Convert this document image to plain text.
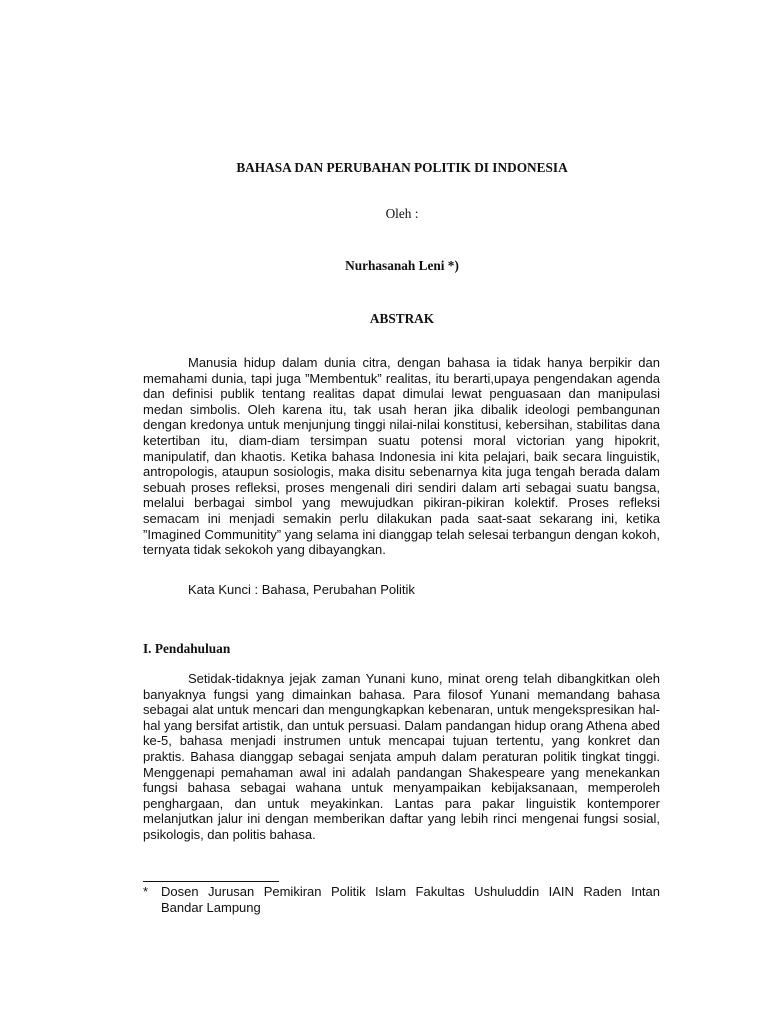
BAHASA DAN PERUBAHAN POLITIK DI INDONESIA
Oleh :
Nurhasanah Leni *)
ABSTRAK

Manusia hidup dalam dunia citra, dengan bahasa ia tidak hanya berpikir dan memahami dunia, tapi juga ”Membentuk” realitas, itu berarti,upaya pengendakan agenda dan definisi publik tentang realitas dapat dimulai lewat penguasaan dan manipulasi medan simbolis. Oleh karena itu, tak usah heran jika dibalik ideologi pembangunan dengan kredonya untuk menjunjung tinggi nilai-nilai konstitusi, kebersihan, stabilitas dana ketertiban itu, diam-diam tersimpan suatu potensi moral victorian yang hipokrit, manipulatif, dan khaotis. Ketika bahasa Indonesia ini kita pelajari, baik secara linguistik, antropologis, ataupun sosiologis, maka disitu sebenarnya kita juga tengah berada dalam sebuah proses refleksi, proses mengenali diri sendiri dalam arti sebagai suatu bangsa, melalui berbagai simbol yang mewujudkan pikiran-pikiran kolektif. Proses refleksi semacam ini menjadi semakin perlu dilakukan pada saat-saat sekarang ini, ketika ”Imagined Communitity” yang selama ini dianggap telah selesai terbangun dengan kokoh, ternyata tidak sekokoh yang dibayangkan.

Kata Kunci : Bahasa, Perubahan Politik

I. Pendahuluan

Setidak-tidaknya jejak zaman Yunani kuno, minat oreng telah dibangkitkan oleh banyaknya fungsi yang dimainkan bahasa. Para filosof Yunani memandang bahasa sebagai alat untuk mencari dan mengungkapkan kebenaran, untuk mengekspresikan hal-hal yang bersifat artistik, dan untuk persuasi. Dalam pandangan hidup orang Athena abed ke-5, bahasa menjadi instrumen untuk mencapai tujuan tertentu, yang konkret dan praktis. Bahasa dianggap sebagai senjata ampuh dalam peraturan politik tingkat tinggi. Menggenapi pemahaman awal ini adalah pandangan Shakespeare yang menekankan fungsi bahasa sebagai wahana untuk menyampaikan kebijaksanaan, memperoleh penghargaan, dan untuk meyakinkan. Lantas para pakar linguistik kontemporer melanjutkan jalur ini dengan memberikan daftar yang lebih rinci mengenai fungsi sosial, psikologis, dan politis bahasa.

* Dosen Jurusan Pemikiran Politik Islam Fakultas Ushuluddin IAIN Raden Intan
Bandar Lampung
